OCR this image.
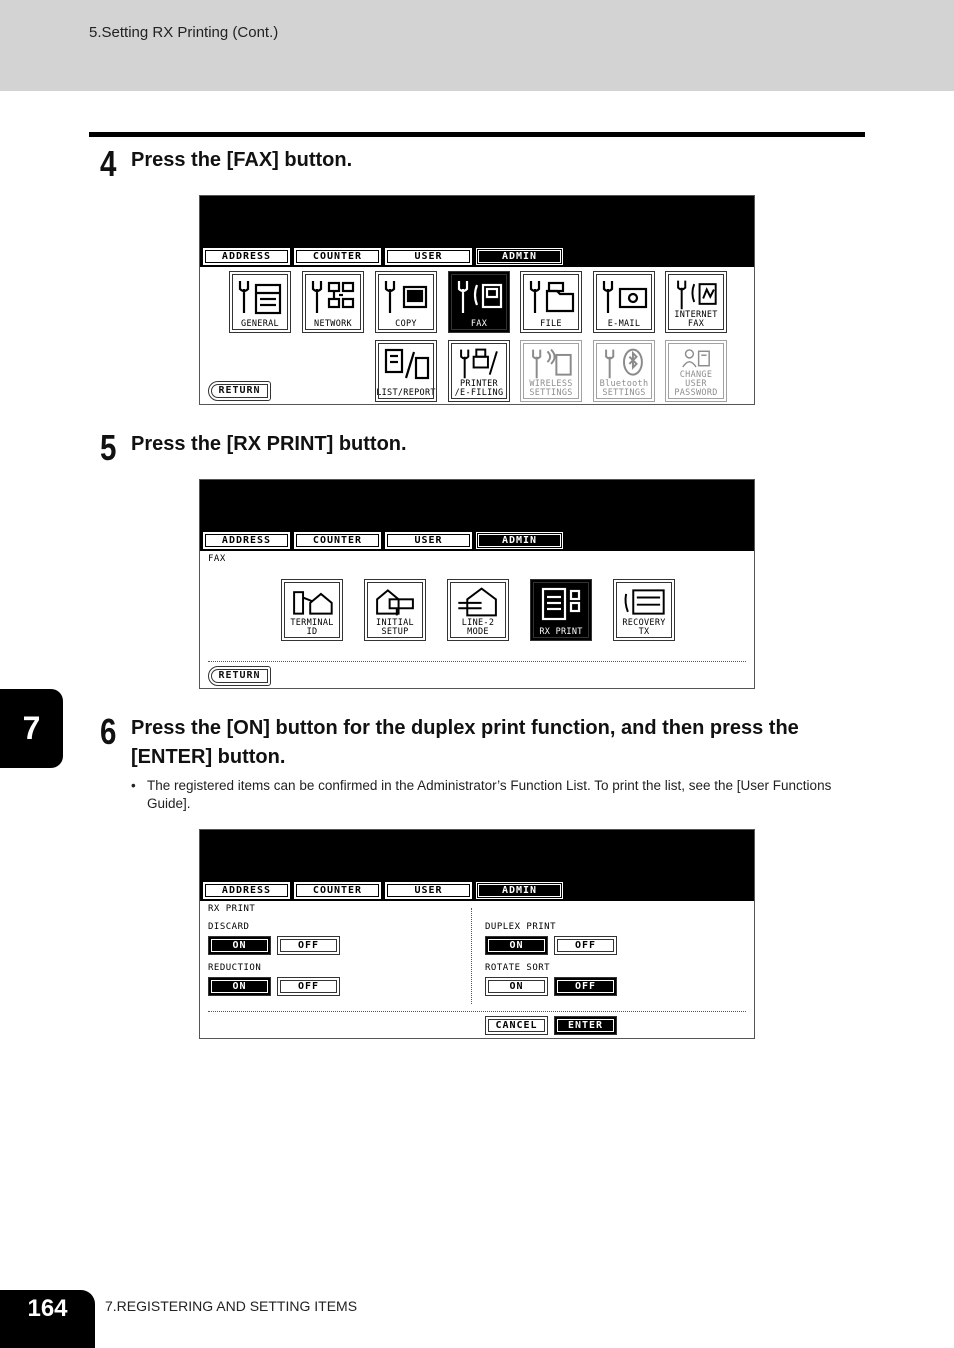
5.Setting RX Printing (Cont.)
4 Press the [FAX] button.
ADDRESS	COUNTER	USER	ADMIN
GENERAL	NETWORK	COPY	FAX	FILE	E-MAIL
INTERNET FAX
LIST/REPORT
PRINTER
/E-FILING
WIRELESS
SETTINGS
Bluetooth
SETTINGS
CHANGE USER
PASSWORD
RETURN
5 Press the [RX PRINT] button.
ADDRESS	COUNTER	USER	ADMIN
FAX
TERMINAL ID
INITIAL SETUP
LINE-2 MODE	RX PRINT
RECOVERY TX
RETURN
7	6 Press the [ON] button for the duplex print function, and then press the [ENTER] button.
• The registered items can be confirmed in the Administrator’s Function List. To print the list, see the [User Functions Guide].
ADDRESS	COUNTER	USER	ADMIN
RX PRINT
DISCARD
ON	OFF
REDUCTION
ON	OFF
DUPLEX PRINT
ON	OFF
ROTATE SORT
ON	OFF
CANCEL	ENTER
164	7.REGISTERING AND SETTING ITEMS
